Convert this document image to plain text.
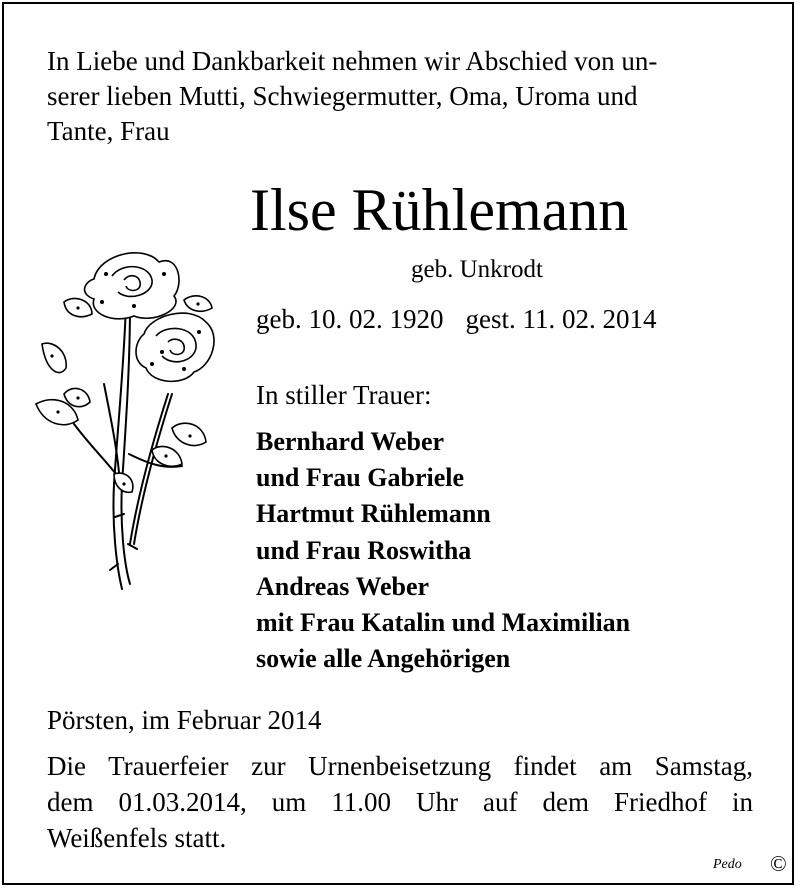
In Liebe und Dankbarkeit nehmen wir Abschied von un-
serer lieben Mutti, Schwiegermutter, Oma, Uroma und
Tante, Frau
Ilse Rühlemann
geb. Unkrodt
geb. 10. 02. 1920 gest. 11. 02. 2014
In stiller Trauer:
Bernhard Weber
und Frau Gabriele
Hartmut Rühlemann
und Frau Roswitha
Andreas Weber
mit Frau Katalin und Maximilian
sowie alle Angehörigen
Pörsten, im Februar 2014
Die Trauerfeier zur Urnenbeisetzung findet am Samstag,
dem 01.03.2014, um 11.00 Uhr auf dem Friedhof in
Weißenfels statt.
Pedo ©
